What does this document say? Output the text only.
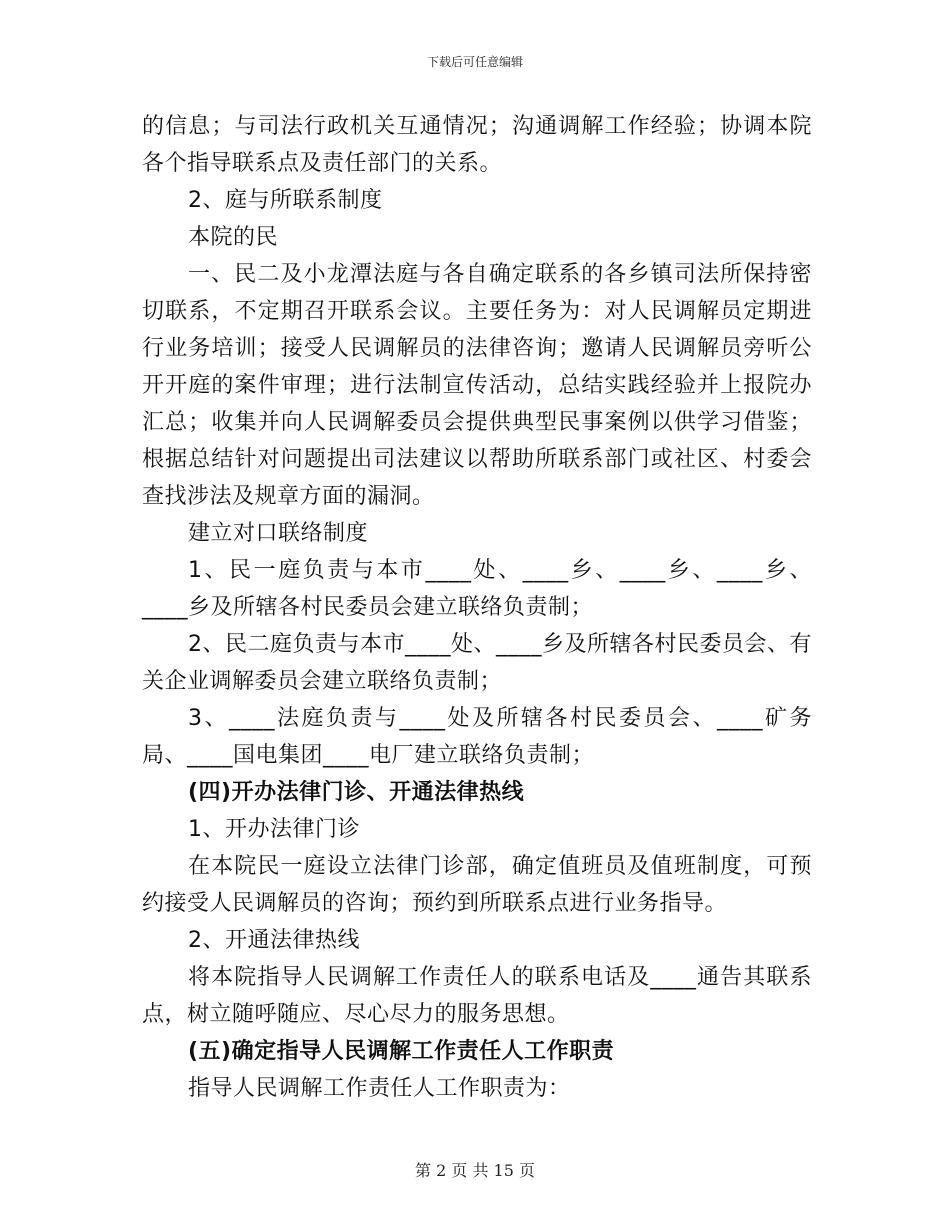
下载后可任意编辑

的信息；与司法行政机关互通情况；沟通调解工作经验；协调本院各个指导联系点及责任部门的关系。

2、庭与所联系制度

本院的民

一、民二及小龙潭法庭与各自确定联系的各乡镇司法所保持密切联系，不定期召开联系会议。主要任务为：对人民调解员定期进行业务培训；接受人民调解员的法律咨询；邀请人民调解员旁听公开开庭的案件审理；进行法制宣传活动，总结实践经验并上报院办汇总；收集并向人民调解委员会提供典型民事案例以供学习借鉴；根据总结针对问题提出司法建议以帮助所联系部门或社区、村委会查找涉法及规章方面的漏洞。

建立对口联络制度

1、民一庭负责与本市____处、____乡、____乡、____乡、____乡及所辖各村民委员会建立联络负责制；

2、民二庭负责与本市____处、____乡及所辖各村民委员会、有关企业调解委员会建立联络负责制；

3、____法庭负责与____处及所辖各村民委员会、____矿务局、____国电集团____电厂建立联络负责制；

(四)开办法律门诊、开通法律热线

1、开办法律门诊

在本院民一庭设立法律门诊部，确定值班员及值班制度，可预约接受人民调解员的咨询；预约到所联系点进行业务指导。

2、开通法律热线

将本院指导人民调解工作责任人的联系电话及____通告其联系点，树立随呼随应、尽心尽力的服务思想。

(五)确定指导人民调解工作责任人工作职责

指导人民调解工作责任人工作职责为：

第 2 页 共 15 页
